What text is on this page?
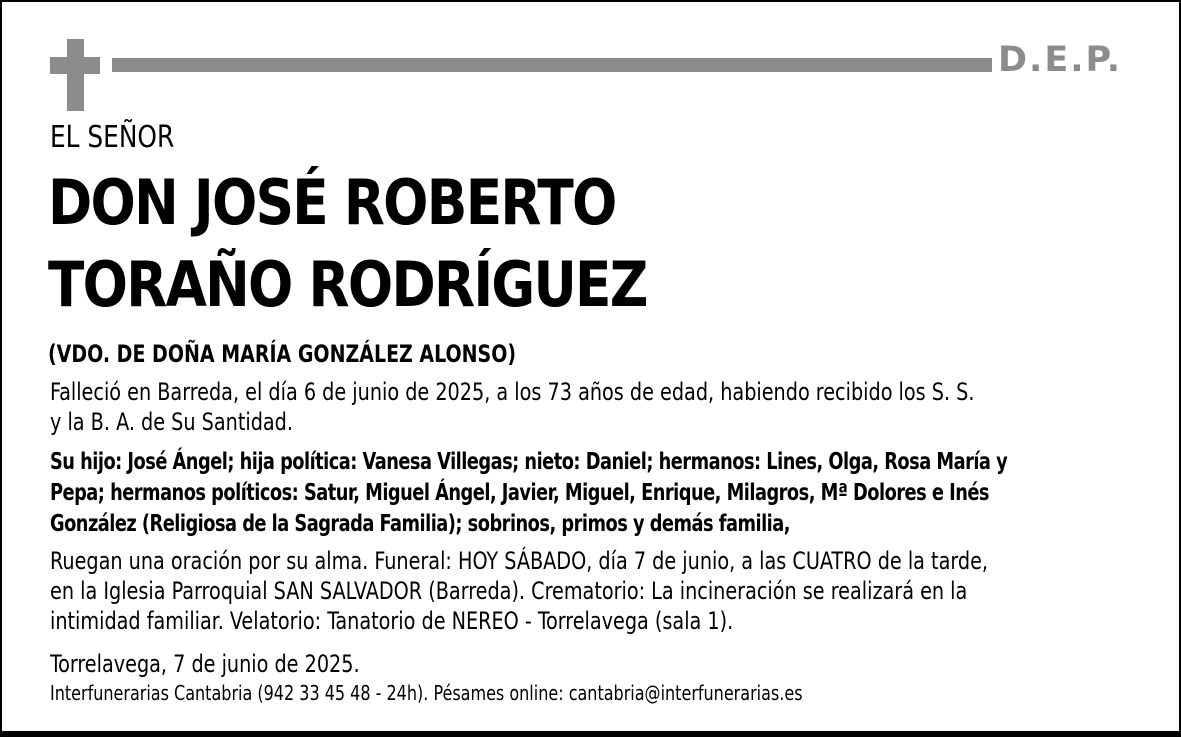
D.E.P.
EL SEÑOR
DON JOSÉ ROBERTO
TORAÑO RODRÍGUEZ
(VDO. DE DOÑA MARÍA GONZÁLEZ ALONSO)
Falleció en Barreda, el día 6 de junio de 2025, a los 73 años de edad, habiendo recibido los S. S.
y la B. A. de Su Santidad.
Su hijo: José Ángel; hija política: Vanesa Villegas; nieto: Daniel; hermanos: Lines, Olga, Rosa María y
Pepa; hermanos políticos: Satur, Miguel Ángel, Javier, Miguel, Enrique, Milagros, Mª Dolores e Inés
González (Religiosa de la Sagrada Familia); sobrinos, primos y demás familia,
Ruegan una oración por su alma. Funeral: HOY SÁBADO, día 7 de junio, a las CUATRO de la tarde,
en la Iglesia Parroquial SAN SALVADOR (Barreda). Crematorio: La incineración se realizará en la
intimidad familiar. Velatorio: Tanatorio de NEREO - Torrelavega (sala 1).
Torrelavega, 7 de junio de 2025.
Interfunerarias Cantabria (942 33 45 48 - 24h). Pésames online: cantabria@interfunerarias.es
